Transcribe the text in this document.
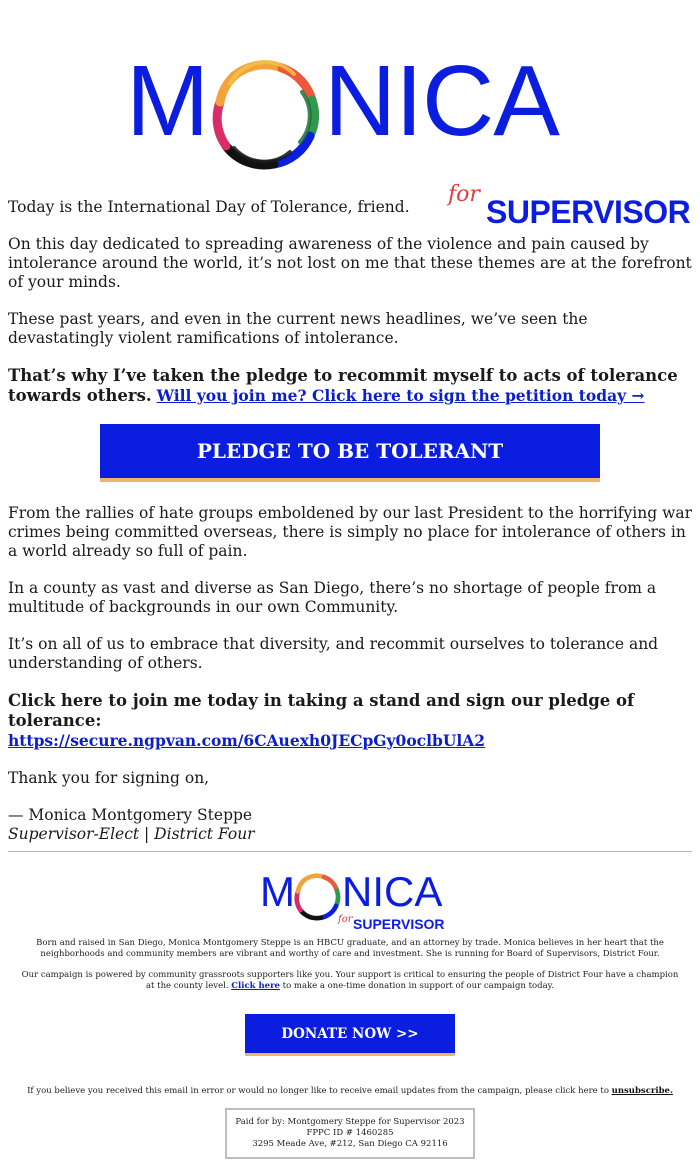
M NICA
for SUPERVISOR

Today is the International Day of Tolerance, friend.

On this day dedicated to spreading awareness of the violence and pain caused by intolerance around the world, it’s not lost on me that these themes are at the forefront of your minds.

These past years, and even in the current news headlines, we’ve seen the devastatingly violent ramifications of intolerance.

That’s why I’ve taken the pledge to recommit myself to acts of tolerance towards others. Will you join me? Click here to sign the petition today →

PLEDGE TO BE TOLERANT

From the rallies of hate groups emboldened by our last President to the horrifying war crimes being committed overseas, there is simply no place for intolerance of others in a world already so full of pain.

In a county as vast and diverse as San Diego, there’s no shortage of people from a multitude of backgrounds in our own Community.

It’s on all of us to embrace that diversity, and recommit ourselves to tolerance and understanding of others.

Click here to join me today in taking a stand and sign our pledge of tolerance:
https://secure.ngpvan.com/6CAuexh0JECpGy0oclbUlA2

Thank you for signing on,

— Monica Montgomery Steppe

Supervisor-Elect | District Four

M NICA
for SUPERVISOR
Born and raised in San Diego, Monica Montgomery Steppe is an HBCU graduate, and an attorney by trade. Monica believes in her heart that the neighborhoods and community members are vibrant and worthy of care and investment. She is running for Board of Supervisors, District Four.
Our campaign is powered by community grassroots supporters like you. Your support is critical to ensuring the people of District Four have a champion at the county level. Click here to make a one-time donation in support of our campaign today.
DONATE NOW >>
If you believe you received this email in error or would no longer like to receive email updates from the campaign, please click here to unsubscribe.
Paid for by: Montgomery Steppe for Supervisor 2023
FPPC ID # 1460285
3295 Meade Ave, #212, San Diego CA 92116
